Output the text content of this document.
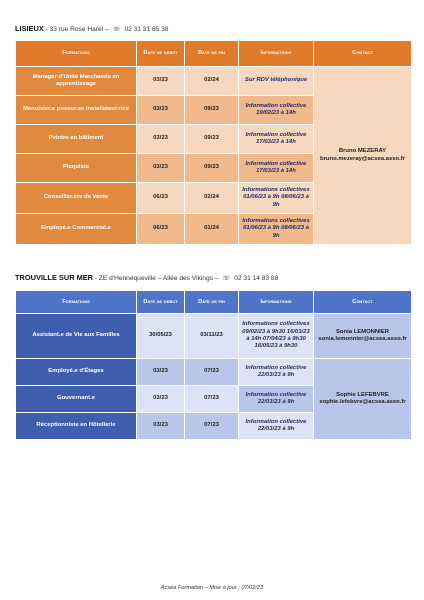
LISIEUX - 33 rue Rose Harel – ☏ 02 31 31 85 38
Formations	Date de debut	Date de fin	Informations	Contact
Manager d'Unité Marchande en apprentissage	03/23	02/24	Sur RDV téléphonique	Bruno MEZERAY
bruno.mezeray@acsea.asso.fr

Menuisier.e poseur.se installateur.rice	03/23	09/23	Information collective 10/02/23 à 14h	
Peintre en bâtiment	03/23	09/23	Information collective 17/03/23 à 14h	
Plaquiste	03/23	09/23	Information collective 17/03/23 à 14h	
Conseiller.ère de Vente	06/23	02/24	Informations collectives 01/06/23 à 9h 08/06/23 à 9h	
Employé.e Commercial.e	06/23	01/24	Informations collectives 01/06/23 à 9h 08/06/23 à 9h	
TROUVILLE SUR MER - ZE d'Hennequeville – Allée des Vikings – ☏ 02 31 14 83 88
Formations	Date de debut	Date de fin	Informations	Contact
Assistant.e de Vie aux Familles	30/05/23	03/11/23	Informations collectives 09/02/23 à 9h30 16/03/23 à 14h 07/04/23 à 9h30 16/05/23 à 9h30	Sonia LEMONNIER
sonia.lemonnier@acsea.asso.fr

Employé.e d'Étages	03/23	07/23	Information collective 22/03/23 à 9h	Sophie LEFEBVRE
sophie.lefebvre@acsea.asso.fr

Gouvernant.e	03/23	07/23	Information collective 22/03/23 à 9h	
Réceptionniste en Hôtellerie	03/23	07/23	Information collective 22/03/23 à 9h	
Acséa Formation – Mise à jour : 07/02/23
